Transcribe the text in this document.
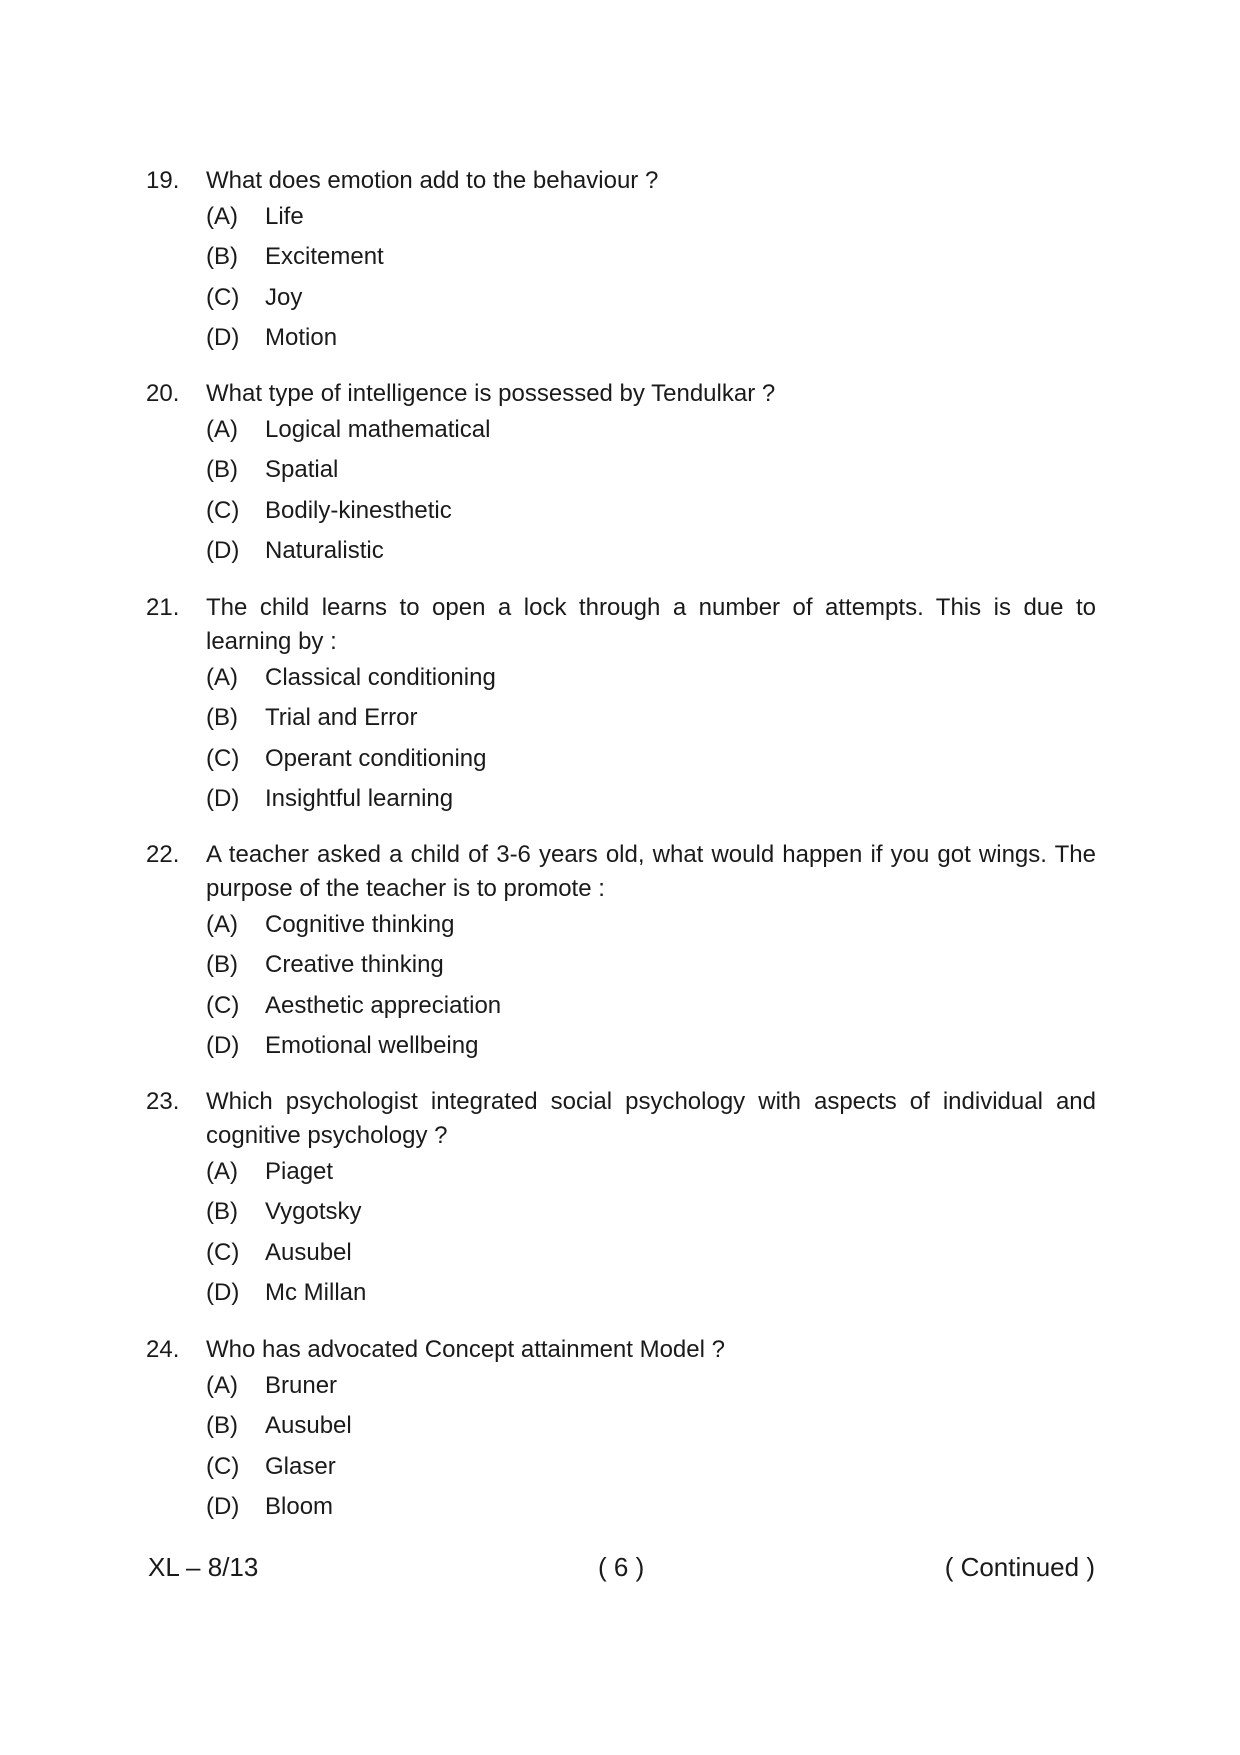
19.	What does emotion add to the behaviour ?
(A) Life
(B) Excitement
(C) Joy
(D) Motion
20.	What type of intelligence is possessed by Tendulkar ?
(A) Logical mathematical
(B) Spatial
(C) Bodily-kinesthetic
(D) Naturalistic
21.	The child learns to open a lock through a number of attempts. This is due to learning by :
(A) Classical conditioning
(B) Trial and Error
(C) Operant conditioning
(D) Insightful learning
22.	A teacher asked a child of 3-6 years old, what would happen if you got wings. The purpose of the teacher is to promote :
(A) Cognitive thinking
(B) Creative thinking
(C) Aesthetic appreciation
(D) Emotional wellbeing
23.	Which psychologist integrated social psychology with aspects of individual and cognitive psychology ?
(A) Piaget
(B) Vygotsky
(C) Ausubel
(D) Mc Millan
24.	Who has advocated Concept attainment Model ?
(A) Bruner
(B) Ausubel
(C) Glaser
(D) Bloom
XL – 8/13	( 6 )	( Continued )
